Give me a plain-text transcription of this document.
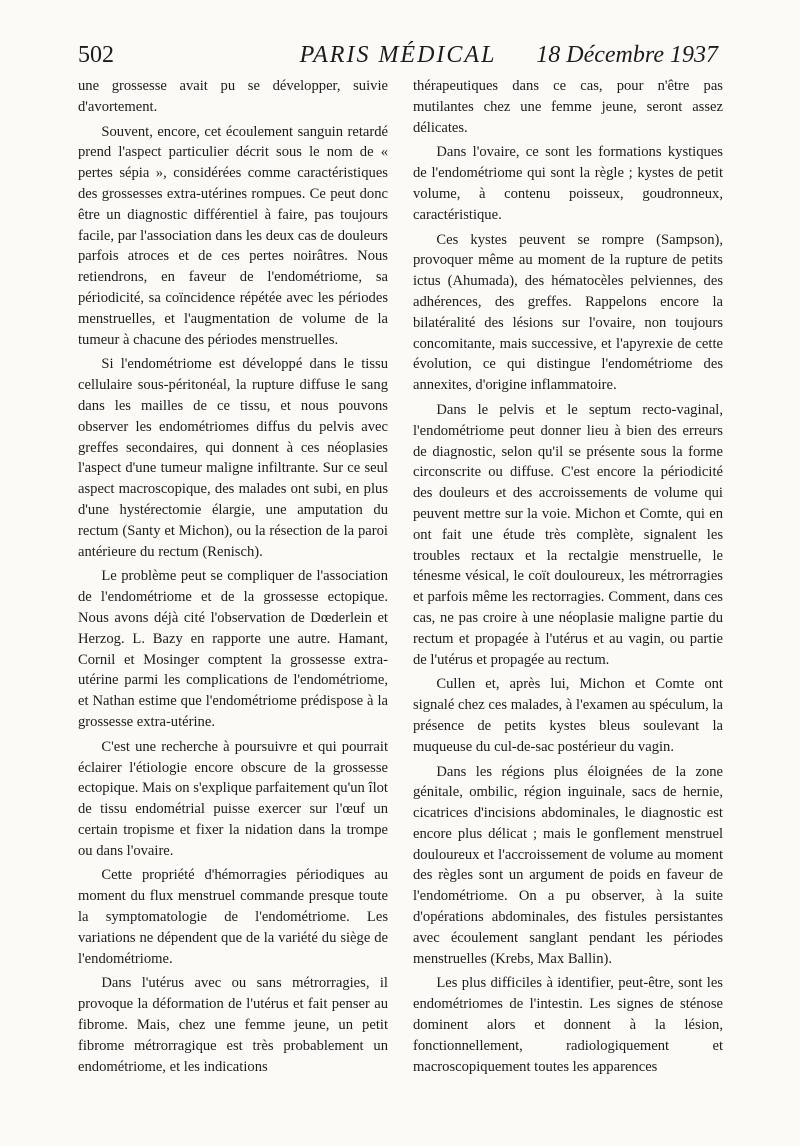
502	PARIS MÉDICAL	18 Décembre 1937

une grossesse avait pu se développer, suivie d'avortement.

Souvent, encore, cet écoulement sanguin retardé prend l'aspect particulier décrit sous le nom de « pertes sépia », considérées comme caractéristiques des grossesses extra-utérines rompues. Ce peut donc être un diagnostic différentiel à faire, pas toujours facile, par l'association dans les deux cas de douleurs parfois atroces et de ces pertes noirâtres. Nous retiendrons, en faveur de l'endométriome, sa périodicité, sa coïncidence répétée avec les périodes menstruelles, et l'augmentation de volume de la tumeur à chacune des périodes menstruelles.

Si l'endométriome est développé dans le tissu cellulaire sous-péritonéal, la rupture diffuse le sang dans les mailles de ce tissu, et nous pouvons observer les endométriomes diffus du pelvis avec greffes secondaires, qui donnent à ces néoplasies l'aspect d'une tumeur maligne infiltrante. Sur ce seul aspect macroscopique, des malades ont subi, en plus d'une hystérectomie élargie, une amputation du rectum (Santy et Michon), ou la résection de la paroi antérieure du rectum (Renisch).

Le problème peut se compliquer de l'association de l'endométriome et de la grossesse ectopique. Nous avons déjà cité l'observation de Dœderlein et Herzog. L. Bazy en rapporte une autre. Hamant, Cornil et Mosinger comptent la grossesse extra-utérine parmi les complications de l'endométriome, et Nathan estime que l'endométriome prédispose à la grossesse extra-utérine.

C'est une recherche à poursuivre et qui pourrait éclairer l'étiologie encore obscure de la grossesse ectopique. Mais on s'explique parfaitement qu'un îlot de tissu endométrial puisse exercer sur l'œuf un certain tropisme et fixer la nidation dans la trompe ou dans l'ovaire.

Cette propriété d'hémorragies périodiques au moment du flux menstruel commande presque toute la symptomatologie de l'endométriome. Les variations ne dépendent que de la variété du siège de l'endométriome.

Dans l'utérus avec ou sans métrorragies, il provoque la déformation de l'utérus et fait penser au fibrome. Mais, chez une femme jeune, un petit fibrome métrorragique est très probablement un endométriome, et les indications

thérapeutiques dans ce cas, pour n'être pas mutilantes chez une femme jeune, seront assez délicates.

Dans l'ovaire, ce sont les formations kystiques de l'endométriome qui sont la règle ; kystes de petit volume, à contenu poisseux, goudronneux, caractéristique.

Ces kystes peuvent se rompre (Sampson), provoquer même au moment de la rupture de petits ictus (Ahumada), des hématocèles pelviennes, des adhérences, des greffes. Rappelons encore la bilatéralité des lésions sur l'ovaire, non toujours concomitante, mais successive, et l'apyrexie de cette évolution, ce qui distingue l'endométriome des annexites, d'origine inflammatoire.

Dans le pelvis et le septum recto-vaginal, l'endométriome peut donner lieu à bien des erreurs de diagnostic, selon qu'il se présente sous la forme circonscrite ou diffuse. C'est encore la périodicité des douleurs et des accroissements de volume qui peuvent mettre sur la voie. Michon et Comte, qui en ont fait une étude très complète, signalent les troubles rectaux et la rectalgie menstruelle, le ténesme vésical, le coït douloureux, les métrorragies et parfois même les rectorragies. Comment, dans ces cas, ne pas croire à une néoplasie maligne partie du rectum et propagée à l'utérus et au vagin, ou partie de l'utérus et propagée au rectum.

Cullen et, après lui, Michon et Comte ont signalé chez ces malades, à l'examen au spéculum, la présence de petits kystes bleus soulevant la muqueuse du cul-de-sac postérieur du vagin.

Dans les régions plus éloignées de la zone génitale, ombilic, région inguinale, sacs de hernie, cicatrices d'incisions abdominales, le diagnostic est encore plus délicat ; mais le gonflement menstruel douloureux et l'accroissement de volume au moment des règles sont un argument de poids en faveur de l'endométriome. On a pu observer, à la suite d'opérations abdominales, des fistules persistantes avec écoulement sanglant pendant les périodes menstruelles (Krebs, Max Ballin).

Les plus difficiles à identifier, peut-être, sont les endométriomes de l'intestin. Les signes de sténose dominent alors et donnent à la lésion, fonctionnellement, radiologiquement et macroscopiquement toutes les apparences
